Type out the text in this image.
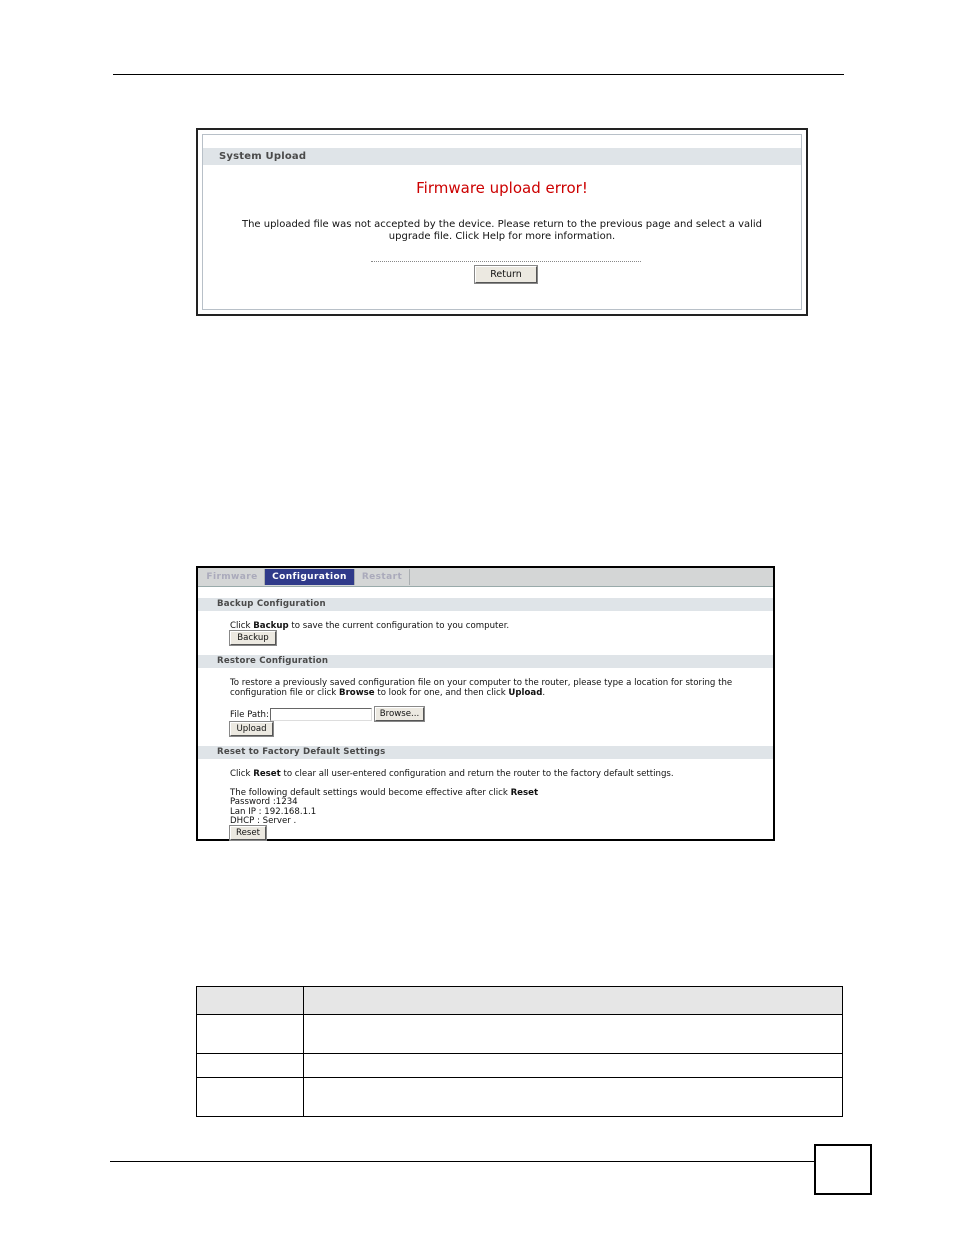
System Upload
Firmware upload error!
The uploaded file was not accepted by the device. Please return to the previous page and select a valid
upgrade file. Click Help for more information.
Return
Firmware	Configuration	Restart
Backup Configuration
Click Backup to save the current configuration to you computer.
Backup
Restore Configuration
To restore a previously saved configuration file on your computer to the router, please type a location for storing the
configuration file or click Browse to look for one, and then click Upload.
File Path:	Browse...
Upload
Reset to Factory Default Settings
Click Reset to clear all user-entered configuration and return the router to the factory default settings.
The following default settings would become effective after click Reset
Password :1234
Lan IP : 192.168.1.1
DHCP : Server .
Reset
